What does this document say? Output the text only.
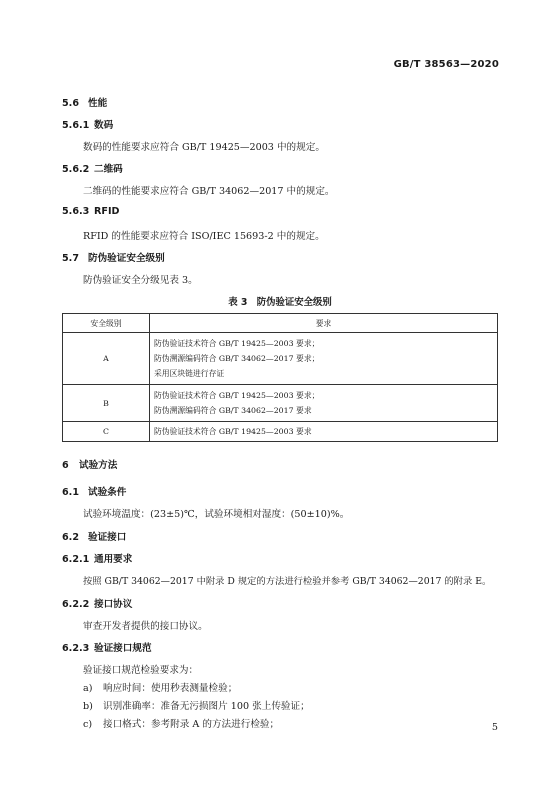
GB/T 38563—2020
5.6 性能
5.6.1 数码
数码的性能要求应符合 GB/T 19425—2003 中的规定。
5.6.2 二维码
二维码的性能要求应符合 GB/T 34062—2017 中的规定。
5.6.3 RFID
RFID 的性能要求应符合 ISO/IEC 15693-2 中的规定。
5.7 防伪验证安全级别
防伪验证安全分级见表 3。
表 3　防伪验证安全级别
安全级别	要求
A	防伪验证技术符合 GB/T 19425—2003 要求；
防伪溯源编码符合 GB/T 34062—2017 要求；
采用区块链进行存证

B	防伪验证技术符合 GB/T 19425—2003 要求；
防伪溯源编码符合 GB/T 34062—2017 要求

C	防伪验证技术符合 GB/T 19425—2003 要求
6 试验方法
6.1 试验条件
试验环境温度：(23±5)℃，试验环境相对湿度：(50±10)%。
6.2 验证接口
6.2.1 通用要求
按照 GB/T 34062—2017 中附录 D 规定的方法进行检验并参考 GB/T 34062—2017 的附录 E。
6.2.2 接口协议
审查开发者提供的接口协议。
6.2.3 验证接口规范
验证接口规范检验要求为：
a) 响应时间：使用秒表测量检验；
b) 识别准确率：准备无污损图片 100 张上传验证；
c) 接口格式：参考附录 A 的方法进行检验；	5
